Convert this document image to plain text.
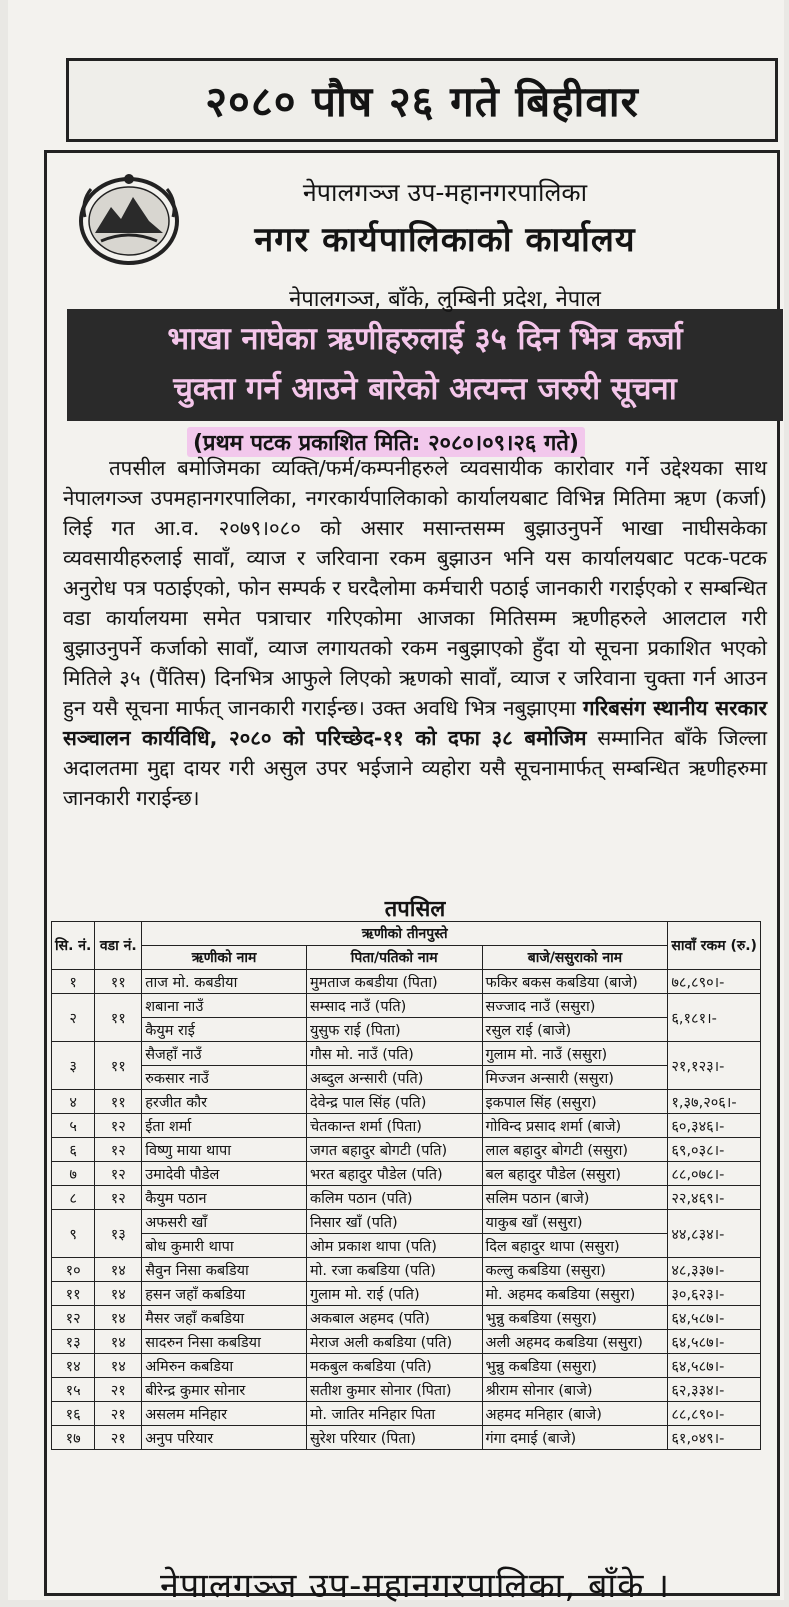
२०८० पौष २६ गते बिहीवार
नेपालगञ्ज उप-महानगरपालिका
नगर कार्यपालिकाको कार्यालय
नेपालगञ्ज, बाँके, लुम्बिनी प्रदेश, नेपाल
भाखा नाघेका ऋणीहरुलाई ३५ दिन भित्र कर्जा
चुक्ता गर्न आउने बारेको अत्यन्त जरुरी सूचना
(प्रथम पटक प्रकाशित मिति: २०८०।०९।२६ गते)

तपसील बमोजिमका व्यक्ति/फर्म/कम्पनीहरुले व्यवसायीक कारोवार गर्ने उद्देश्यका साथ नेपालगञ्ज उपमहानगरपालिका, नगरकार्यपालिकाको कार्यालयबाट विभिन्न मितिमा ऋण (कर्जा) लिई गत आ.व. २०७९।०८० को असार मसान्तसम्म बुझाउनुपर्ने भाखा नाघीसकेका व्यवसायीहरुलाई सावाँ, व्याज र जरिवाना रकम बुझाउन भनि यस कार्यालयबाट पटक-पटक अनुरोध पत्र पठाईएको, फोन सम्पर्क र घरदैलोमा कर्मचारी पठाई जानकारी गराईएको र सम्बन्धित वडा कार्यालयमा समेत पत्राचार गरिएकोमा आजका मितिसम्म ऋणीहरुले आलटाल गरी बुझाउनुपर्ने कर्जाको सावाँ, व्याज लगायतको रकम नबुझाएको हुँदा यो सूचना प्रकाशित भएको मितिले ३५ (पैंतिस) दिनभित्र आफुले लिएको ऋणको सावाँ, व्याज र जरिवाना चुक्ता गर्न आउन हुन यसै सूचना मार्फत् जानकारी गराईन्छ। उक्त अवधि भित्र नबुझाएमा गरिबसंग स्थानीय सरकार सञ्चालन कार्यविधि, २०८० को परिच्छेद-११ को दफा ३८ बमोजिम सम्मानित बाँके जिल्ला अदालतमा मुद्दा दायर गरी असुल उपर भईजाने व्यहोरा यसै सूचनामार्फत् सम्बन्धित ऋणीहरुमा जानकारी गराईन्छ।

तपसिल
सि. नं.	वडा नं.	ऋणीको तीनपुस्ते			सावाँ रकम (रु.)
		ऋणीको नाम	पिता/पतिको नाम	बाजे/ससुराको नाम	
१	११	ताज मो. कबडीया	मुमताज कबडीया (पिता)	फकिर बकस कबडिया (बाजे)	७८,८९०।-
२	११	शबाना नाउँ	सम्साद नाउँ (पति)	सज्जाद नाउँ (ससुरा)	६,१८१।-
		कैयुम राई	युसुफ राई (पिता)	रसुल राई (बाजे)	
३	११	सैजहाँ नाउँ	गौस मो. नाउँ (पति)	गुलाम मो. नाउँ (ससुरा)	२१,१२३।-
		रुकसार नाउँ	अब्दुल अन्सारी (पति)	मिज्जन अन्सारी (ससुरा)	
४	११	हरजीत कौर	देवेन्द्र पाल सिंह (पति)	इकपाल सिंह (ससुरा)	१,३७,२०६।-
५	१२	ईता शर्मा	चेतकान्त शर्मा (पिता)	गोविन्द प्रसाद शर्मा (बाजे)	६०,३४६।-
६	१२	विष्णु माया थापा	जगत बहादुर बोगटी (पति)	लाल बहादुर बोगटी (ससुरा)	६९,०३८।-
७	१२	उमादेवी पौडेल	भरत बहादुर पौडेल (पति)	बल बहादुर पौडेल (ससुरा)	८८,०७८।-
८	१२	कैयुम पठान	कलिम पठान (पति)	सलिम पठान (बाजे)	२२,४६९।-
९	१३	अफसरी खाँ	निसार खाँ (पति)	याकुब खाँ (ससुरा)	४४,८३४।-
		बोध कुमारी थापा	ओम प्रकाश थापा (पति)	दिल बहादुर थापा (ससुरा)	
१०	१४	सैवुन निसा कबडिया	मो. रजा कबडिया (पति)	कल्लु कबडिया (ससुरा)	४८,३३७।-
११	१४	हसन जहाँ कबडिया	गुलाम मो. राई (पति)	मो. अहमद कबडिया (ससुरा)	३०,६२३।-
१२	१४	मैसर जहाँ कबडिया	अकबाल अहमद (पति)	भुन्नु कबडिया (ससुरा)	६४,५८७।-
१३	१४	सादरुन निसा कबडिया	मेराज अली कबडिया (पति)	अली अहमद कबडिया (ससुरा)	६४,५८७।-
१४	१४	अमिरुन कबडिया	मकबुल कबडिया (पति)	भुन्नु कबडिया (ससुरा)	६४,५८७।-
१५	२१	बीरेन्द्र कुमार सोनार	सतीश कुमार सोनार (पिता)	श्रीराम सोनार (बाजे)	६२,३३४।-
१६	२१	असलम मनिहार	मो. जातिर मनिहार पिता	अहमद मनिहार (बाजे)	८८,८९०।-
१७	२१	अनुप परियार	सुरेश परियार (पिता)	गंगा दमाई (बाजे)	६१,०४९।-
नेपालगञ्ज उप-महानगरपालिका, बाँके ।
